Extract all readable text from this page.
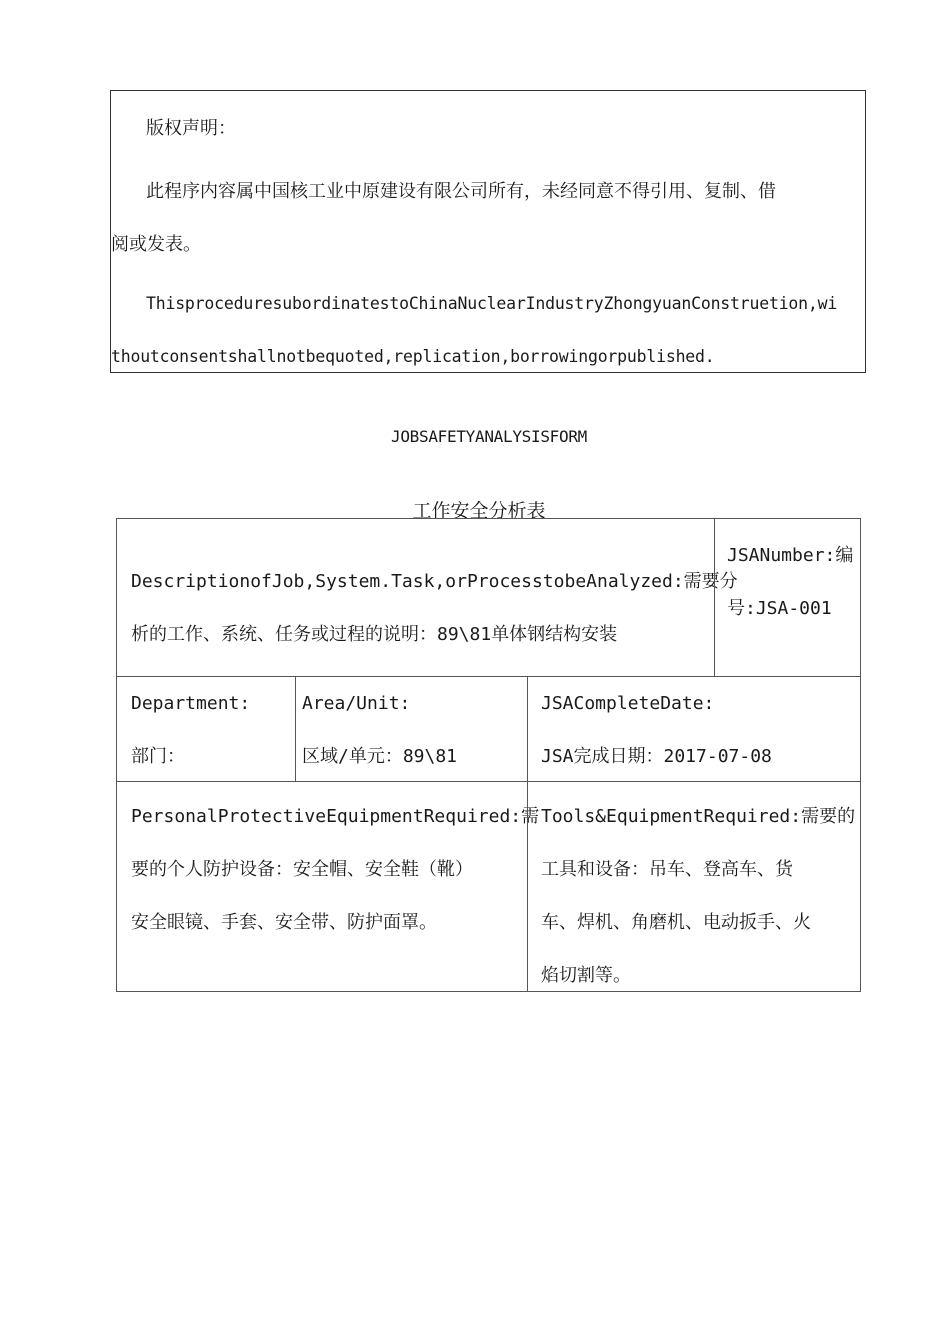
版权声明：
此程序内容属中国核工业中原建设有限公司所有，未经同意不得引用、复制、借
阅或发表。
ThisproceduresubordinatestoChinaNuclearIndustryZhongyuanConstruetion,wi
thoutconsentshallnotbequoted,replication,borrowingorpublished.
JOBSAFETYANALYSISFORM
工作安全分析表
DescriptionofJob,System.Task,orProcesstobeAnalyzed:需要分
析的工作、系统、任务或过程的说明：89\81单体钢结构安装
JSANumber:编
号:JSA-001
Department:
部门：
Area/Unit:
区域/单元：89\81
JSACompleteDate:
JSA完成日期：2017-07-08
PersonalProtectiveEquipmentRequired:需
要的个人防护设备：安全帽、安全鞋（靴）
安全眼镜、手套、安全带、防护面罩。
Tools&EquipmentRequired:需要的
工具和设备：吊车、登高车、货
车、焊机、角磨机、电动扳手、火
焰切割等。
